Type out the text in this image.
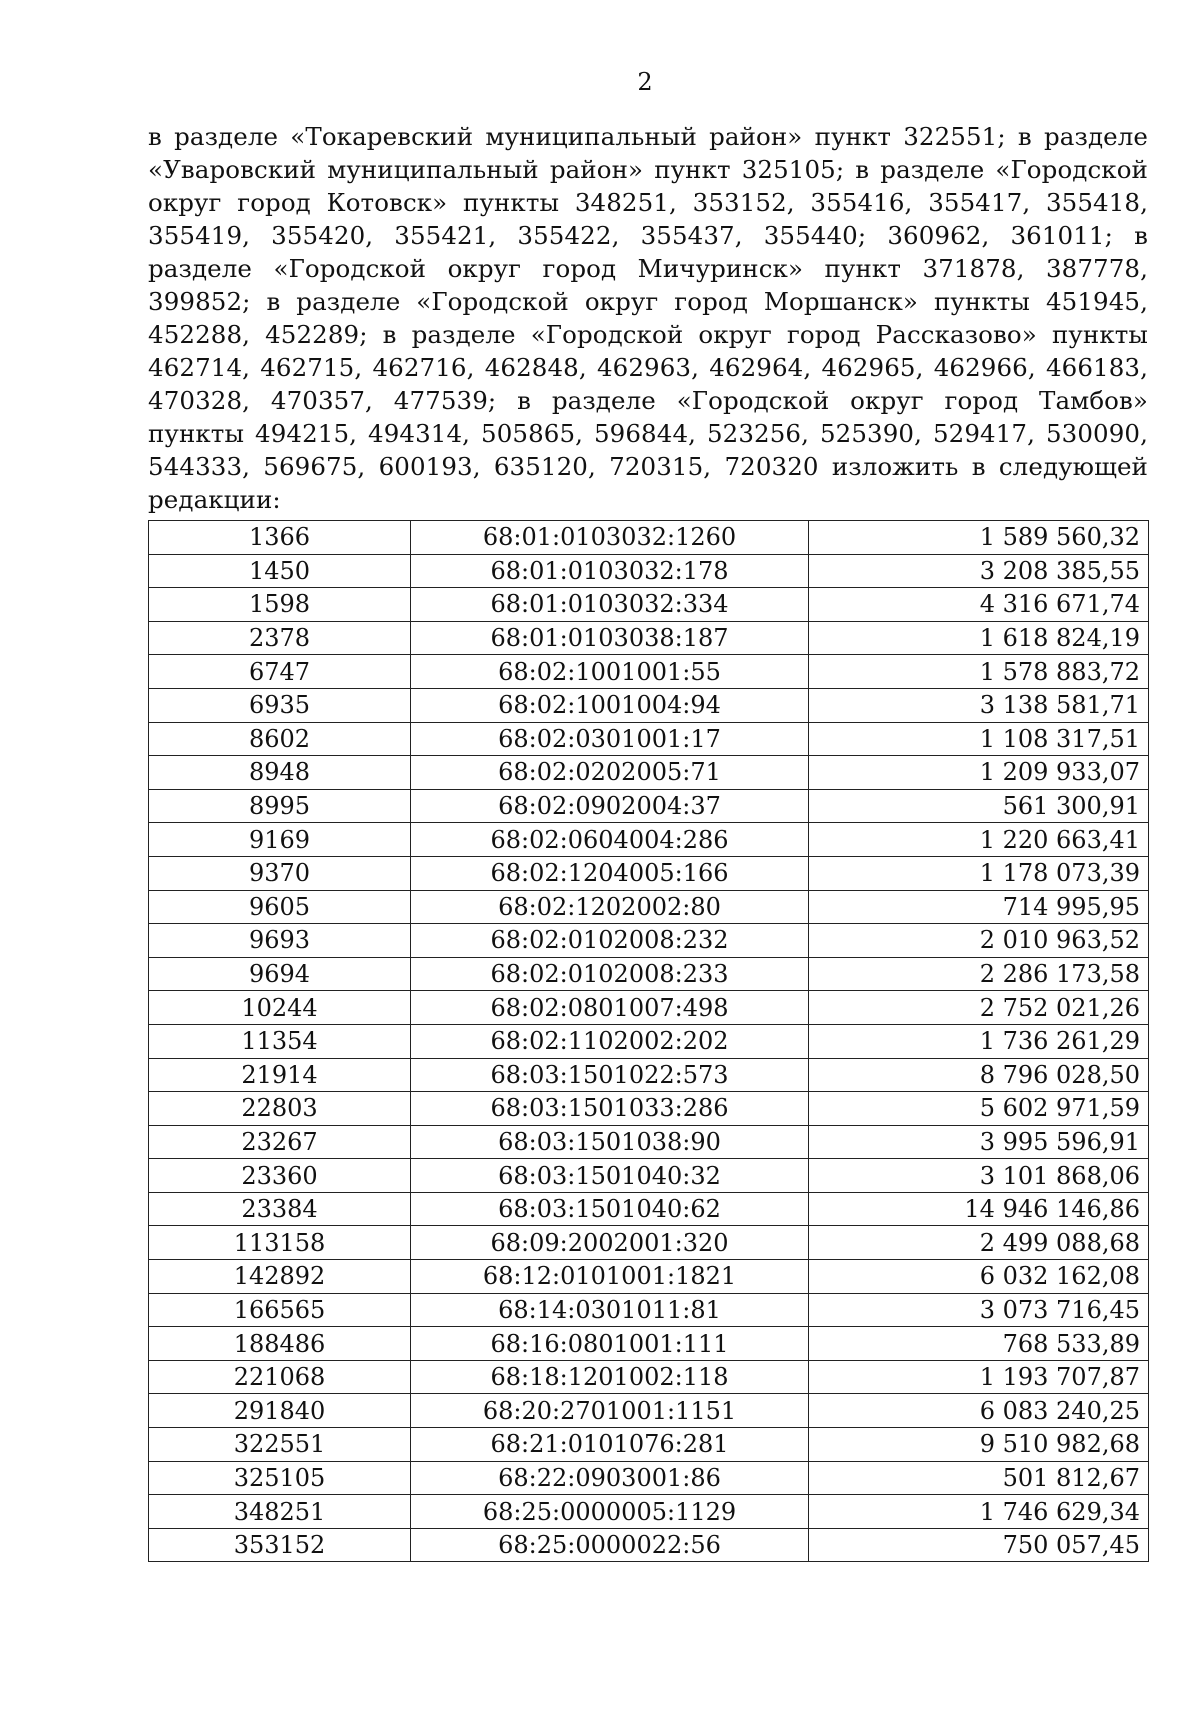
2
в разделе «Токаревский муниципальный район» пункт 322551; в разделе «Уваровский муниципальный район» пункт 325105; в разделе «Городской округ город Котовск» пункты 348251, 353152, 355416, 355417, 355418, 355419, 355420, 355421, 355422, 355437, 355440; 360962, 361011; в разделе «Городской округ город Мичуринск» пункт 371878, 387778, 399852; в разделе «Городской округ город Моршанск» пункты 451945, 452288, 452289; в разделе «Городской округ город Рассказово» пункты 462714, 462715, 462716, 462848, 462963, 462964, 462965, 462966, 466183, 470328, 470357, 477539; в разделе «Городской округ город Тамбов» пункты 494215, 494314, 505865, 596844, 523256, 525390, 529417, 530090, 544333, 569675, 600193, 635120, 720315, 720320 изложить в следующей редакции:
1366	68:01:0103032:1260	1 589 560,32
1450	68:01:0103032:178	3 208 385,55
1598	68:01:0103032:334	4 316 671,74
2378	68:01:0103038:187	1 618 824,19
6747	68:02:1001001:55	1 578 883,72
6935	68:02:1001004:94	3 138 581,71
8602	68:02:0301001:17	1 108 317,51
8948	68:02:0202005:71	1 209 933,07
8995	68:02:0902004:37	561 300,91
9169	68:02:0604004:286	1 220 663,41
9370	68:02:1204005:166	1 178 073,39
9605	68:02:1202002:80	714 995,95
9693	68:02:0102008:232	2 010 963,52
9694	68:02:0102008:233	2 286 173,58
10244	68:02:0801007:498	2 752 021,26
11354	68:02:1102002:202	1 736 261,29
21914	68:03:1501022:573	8 796 028,50
22803	68:03:1501033:286	5 602 971,59
23267	68:03:1501038:90	3 995 596,91
23360	68:03:1501040:32	3 101 868,06
23384	68:03:1501040:62	14 946 146,86
113158	68:09:2002001:320	2 499 088,68
142892	68:12:0101001:1821	6 032 162,08
166565	68:14:0301011:81	3 073 716,45
188486	68:16:0801001:111	768 533,89
221068	68:18:1201002:118	1 193 707,87
291840	68:20:2701001:1151	6 083 240,25
322551	68:21:0101076:281	9 510 982,68
325105	68:22:0903001:86	501 812,67
348251	68:25:0000005:1129	1 746 629,34
353152	68:25:0000022:56	750 057,45
